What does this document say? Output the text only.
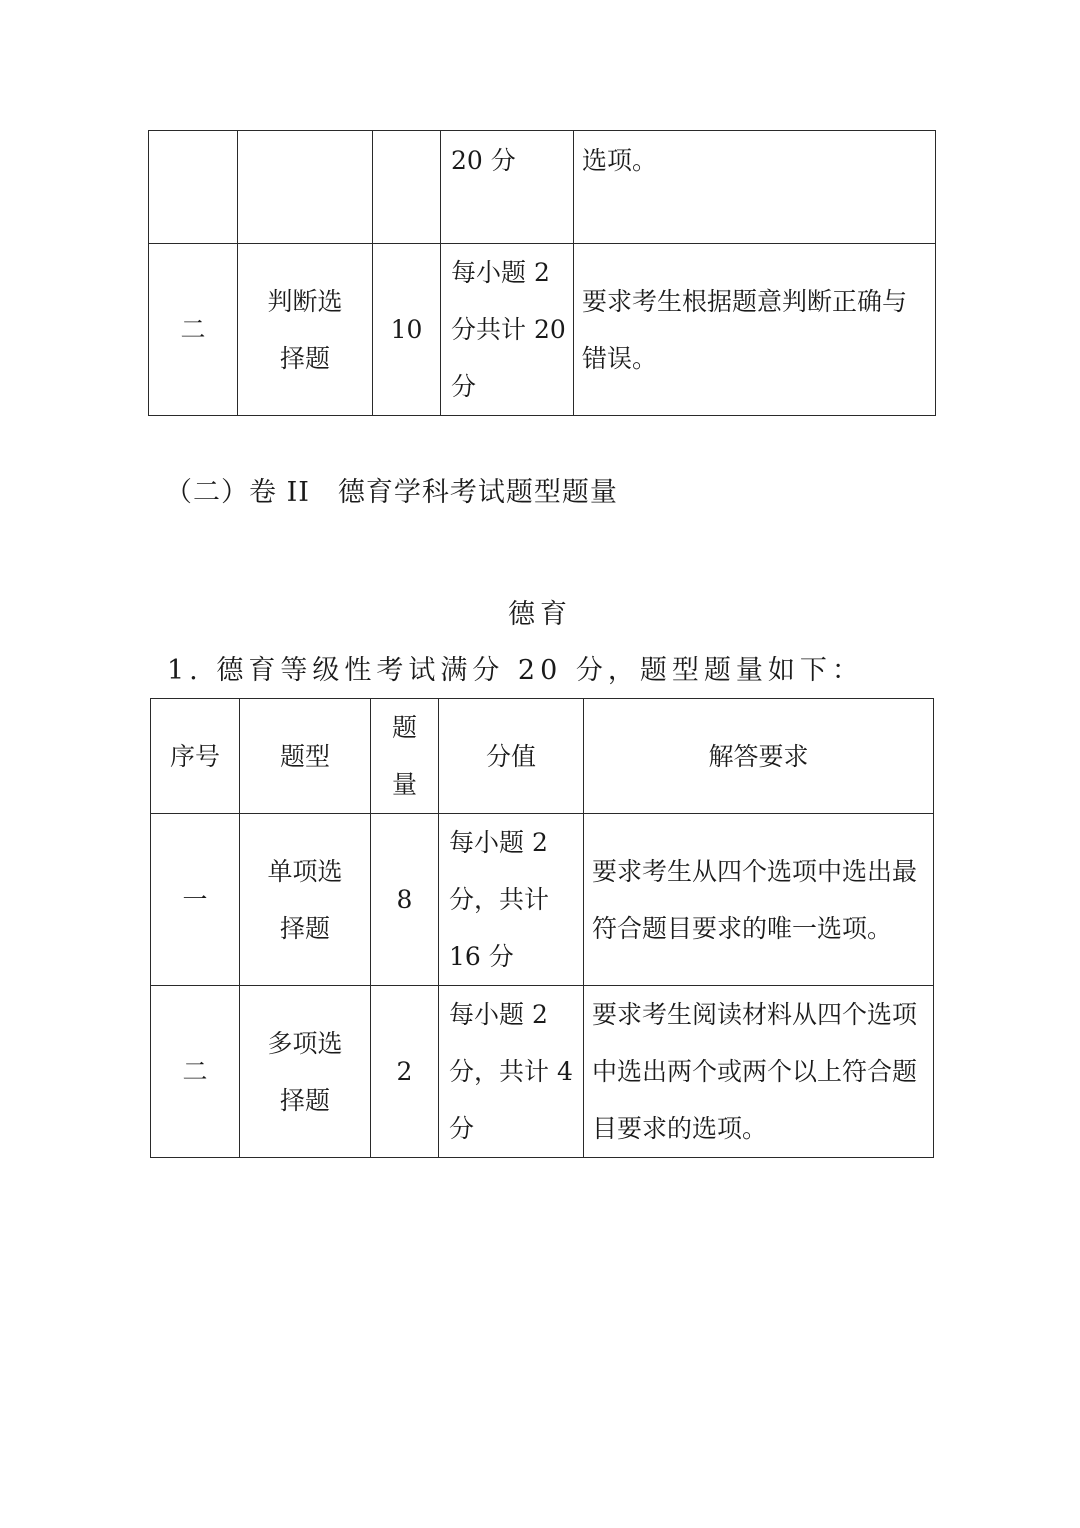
			20 分	选项。
二	判断选择题	10	每小题 2 分共计 20 分	要求考生根据题意判断正确与错误。
（二）卷 II　德育学科考试题型题量
德育

1. 德育等级性考试满分 20 分，题型题量如下：

序号	题型	题量	分值	解答要求
一	单项选择题	8	每小题 2 分，共计 16 分	要求考生从四个选项中选出最符合题目要求的唯一选项。
二	多项选择题	2	每小题 2 分，共计 4 分	要求考生阅读材料从四个选项中选出两个或两个以上符合题目要求的选项。
